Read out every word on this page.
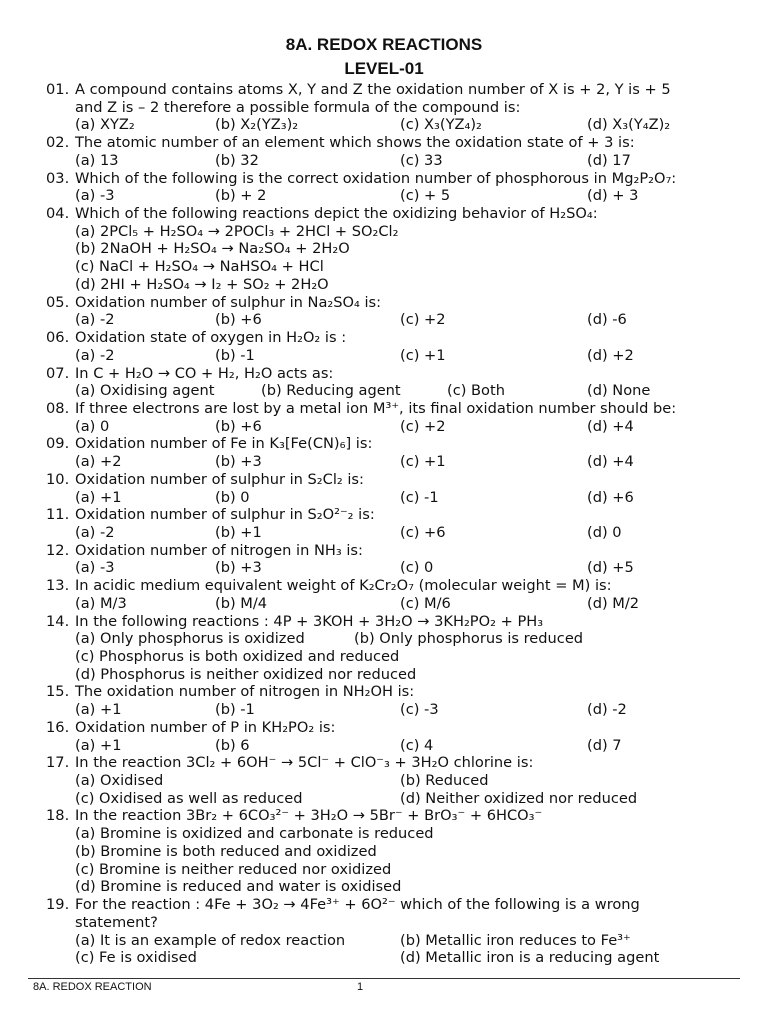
8A. REDOX REACTIONS
LEVEL-01
01. A compound contains atoms X, Y and Z the oxidation number of X is + 2, Y is + 5
and Z is – 2 therefore a possible formula of the compound is:
(a) XYZ₂	(b) X₂(YZ₃)₂	(c) X₃(YZ₄)₂	(d) X₃(Y₄Z)₂
02. The atomic number of an element which shows the oxidation state of + 3 is:
(a) 13	(b) 32	(c) 33	(d) 17
03. Which of the following is the correct oxidation number of phosphorous in Mg₂P₂O₇:
(a) -3	(b) + 2	(c) + 5	(d) + 3
04. Which of the following reactions depict the oxidizing behavior of H₂SO₄:
(a) 2PCl₅ + H₂SO₄ → 2POCl₃ + 2HCl + SO₂Cl₂
(b) 2NaOH + H₂SO₄ → Na₂SO₄ + 2H₂O
(c) NaCl + H₂SO₄ → NaHSO₄ + HCl
(d) 2HI + H₂SO₄ → I₂ + SO₂ + 2H₂O
05. Oxidation number of sulphur in Na₂SO₄ is:
(a) -2	(b) +6	(c) +2	(d) -6
06. Oxidation state of oxygen in H₂O₂ is :
(a) -2	(b) -1	(c) +1	(d) +2
07. In C + H₂O → CO + H₂, H₂O acts as:
(a) Oxidising agent	(b) Reducing agent	(c) Both	(d) None
08. If three electrons are lost by a metal ion M³⁺, its final oxidation number should be:
(a) 0	(b) +6	(c) +2	(d) +4
09. Oxidation number of Fe in K₃[Fe(CN)₆] is:
(a) +2	(b) +3	(c) +1	(d) +4
10. Oxidation number of sulphur in S₂Cl₂ is:
(a) +1	(b) 0	(c) -1	(d) +6
11. Oxidation number of sulphur in S₂O²⁻₂ is:
(a) -2	(b) +1	(c) +6	(d) 0
12. Oxidation number of nitrogen in NH₃ is:
(a) -3	(b) +3	(c) 0	(d) +5
13. In acidic medium equivalent weight of K₂Cr₂O₇ (molecular weight = M) is:
(a) M/3	(b) M/4	(c) M/6	(d) M/2
14. In the following reactions : 4P + 3KOH + 3H₂O → 3KH₂PO₂ + PH₃
(a) Only phosphorus is oxidized	(b) Only phosphorus is reduced
(c) Phosphorus is both oxidized and reduced
(d) Phosphorus is neither oxidized nor reduced
15. The oxidation number of nitrogen in NH₂OH is:
(a) +1	(b) -1	(c) -3	(d) -2
16. Oxidation number of P in KH₂PO₂ is:
(a) +1	(b) 6	(c) 4	(d) 7
17. In the reaction 3Cl₂ + 6OH⁻ → 5Cl⁻ + ClO⁻₃ + 3H₂O chlorine is:
(a) Oxidised	(b) Reduced
(c) Oxidised as well as reduced	(d) Neither oxidized nor reduced
18. In the reaction 3Br₂ + 6CO₃²⁻ + 3H₂O → 5Br⁻ + BrO₃⁻ + 6HCO₃⁻
(a) Bromine is oxidized and carbonate is reduced
(b) Bromine is both reduced and oxidized
(c) Bromine is neither reduced nor oxidized
(d) Bromine is reduced and water is oxidised
19. For the reaction : 4Fe + 3O₂ → 4Fe³⁺ + 6O²⁻ which of the following is a wrong
statement?
(a) It is an example of redox reaction	(b) Metallic iron reduces to Fe³⁺
(c) Fe is oxidised	(d) Metallic iron is a reducing agent
8A. REDOX REACTION	1
